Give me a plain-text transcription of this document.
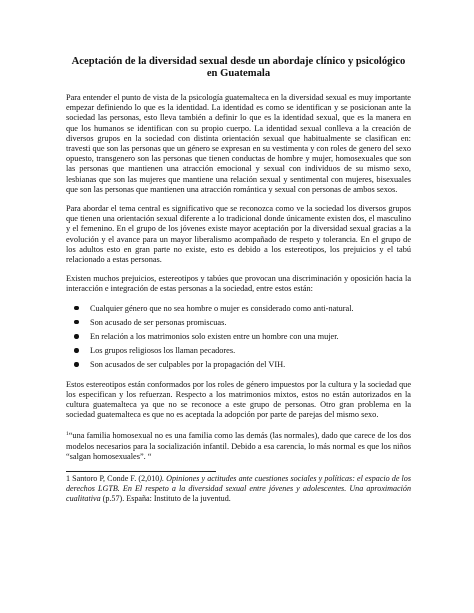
Aceptación de la diversidad sexual desde un abordaje clínico y psicológico en Guatemala

Para entender el punto de vista de la psicología guatemalteca en la diversidad sexual es muy importante empezar definiendo lo que es la identidad. La identidad es como se identifican y se posicionan ante la sociedad las personas, esto lleva también a definir lo que es la identidad sexual, que es la manera en que los humanos se identifican con su propio cuerpo. La identidad sexual conlleva a la creación de diversos grupos en la sociedad con distinta orientación sexual que habitualmente se clasifican en: travesti que son las personas que un género se expresan en su vestimenta y con roles de genero del sexo opuesto, transgenero son las personas que tienen conductas de hombre y mujer, homosexuales que son las personas que mantienen una atracción emocional y sexual con individuos de su mismo sexo, lesbianas que son las mujeres que mantiene una relación sexual y sentimental con mujeres, bisexuales que son las personas que mantienen una atracción romántica y sexual con personas de ambos sexos.

Para abordar el tema central es significativo que se reconozca como ve la sociedad los diversos grupos que tienen una orientación sexual diferente a lo tradicional donde únicamente existen dos, el masculino y el femenino. En el grupo de los jóvenes existe mayor aceptación por la diversidad sexual gracias a la evolución y el avance para un mayor liberalismo acompañado de respeto y tolerancia. En el grupo de los adultos esto en gran parte no existe, esto es debido a los estereotipos, los prejuicios y el tabú relacionado a estas personas.

Existen muchos prejuicios, estereotipos y tabúes que provocan una discriminación y oposición hacia la interacción e integración de estas personas a la sociedad, entre estos están:

Cualquier género que no sea hombre o mujer es considerado como anti-natural.
Son acusado de ser personas promiscuas.
En relación a los matrimonios solo existen entre un hombre con una mujer.
Los grupos religiosos los llaman pecadores.
Son acusados de ser culpables por la propagación del VIH.

Estos estereotipos están conformados por los roles de género impuestos por la cultura y la sociedad que los especifican y los refuerzan. Respecto a los matrimonios mixtos, estos no están autorizados en la cultura guatemalteca ya que no se reconoce a este grupo de personas. Otro gran problema en la sociedad guatemalteca es que no es aceptada la adopción por parte de parejas del mismo sexo.

$^1$“una familia homosexual no es una familia como las demás (las normales), dado que carece de los dos modelos necesarios para la socialización infantil. Debido a esa carencia, lo más normal es que los niños “salgan homosexuales”. “

1 Santoro P, Conde F. (2,010). Opiniones y actitudes ante cuestiones sociales y políticas: el espacio de los derechos LGTB. En El respeto a la diversidad sexual entre jóvenes y adolescentes. Una aproximación cualitativa (p.57). España: Instituto de la juventud.
